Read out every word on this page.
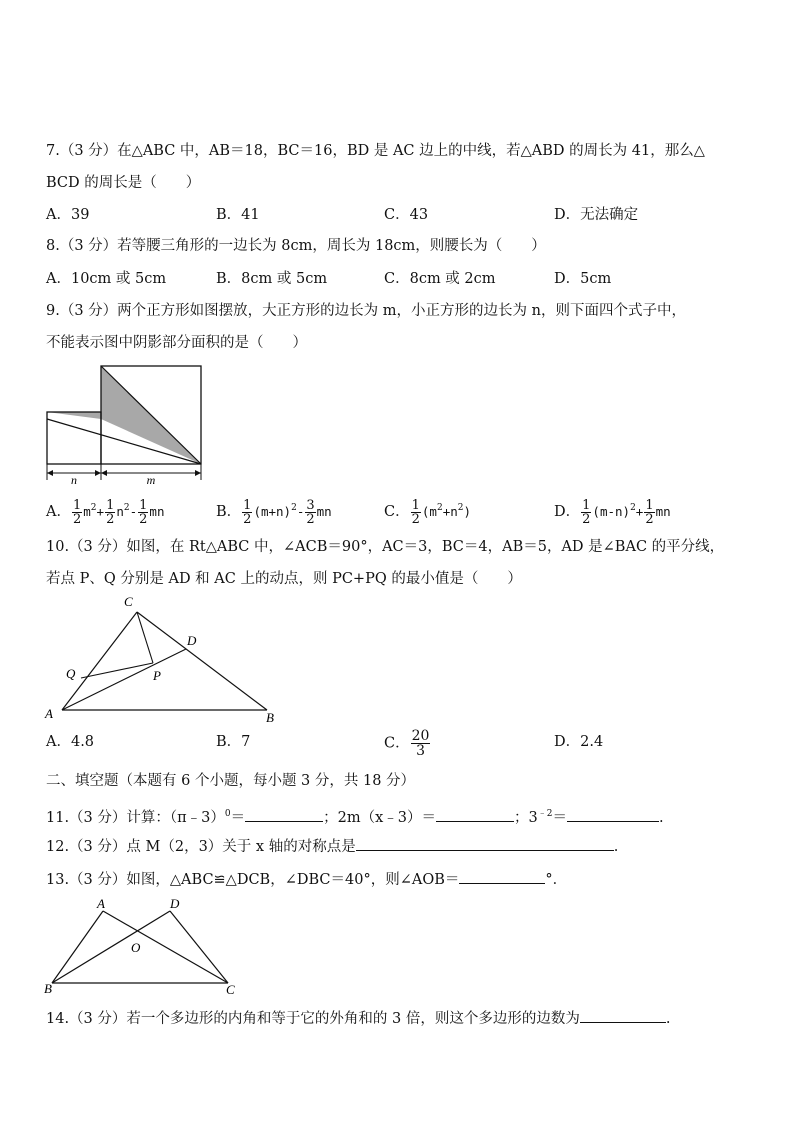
7.（3 分）在△ABC 中，AB＝18，BC＝16，BD 是 AC 边上的中线，若△ABD 的周长为 41，那么△
BCD 的周长是（　　）
A．39	B．41	C．43	D．无法确定
8.（3 分）若等腰三角形的一边长为 8cm，周长为 18cm，则腰长为（　　）
A．10cm 或 5cm	B．8cm 或 5cm	C．8cm 或 2cm	D．5cm
9.（3 分）两个正方形如图摆放，大正方形的边长为 m，小正方形的边长为 n，则下面四个式子中，
不能表示图中阴影部分面积的是（　　）
n	m
A． $\frac{1}{2} m^2+ \frac{1}{2} n^2- \frac{1}{2}$ mn	B． $\frac{1}{2} (m+n)^2- \frac{3}{2}$ mn	C． $\frac{1}{2} (m^2+n^2)$	D． $\frac{1}{2} (m-n)^2+ \frac{1}{2}$ mn
10.（3 分）如图，在 Rt△ABC 中，∠ACB＝90°，AC＝3，BC＝4，AB＝5，AD 是∠BAC 的平分线，
若点 P、Q 分别是 AD 和 AC 上的动点，则 PC+PQ 的最小值是（　　）
C
D
Q	P
A	B
A．4.8	B．7	C． $\frac{20}{3}$	D．2.4
二、填空题（本题有 6 个小题，每小题 3 分，共 18 分）
11.（3 分）计算：（π﹣3）$^0$＝	；2m（x﹣3）＝	；$3^{﹣2}=$	.
12.（3 分）点 M（2，3）关于 x 轴的对称点是	.
13.（3 分）如图，△ABC≌△DCB，∠DBC＝40°，则∠AOB＝	°．
A	D
O
B	C
14.（3 分）若一个多边形的内角和等于它的外角和的 3 倍，则这个多边形的边数为	.
